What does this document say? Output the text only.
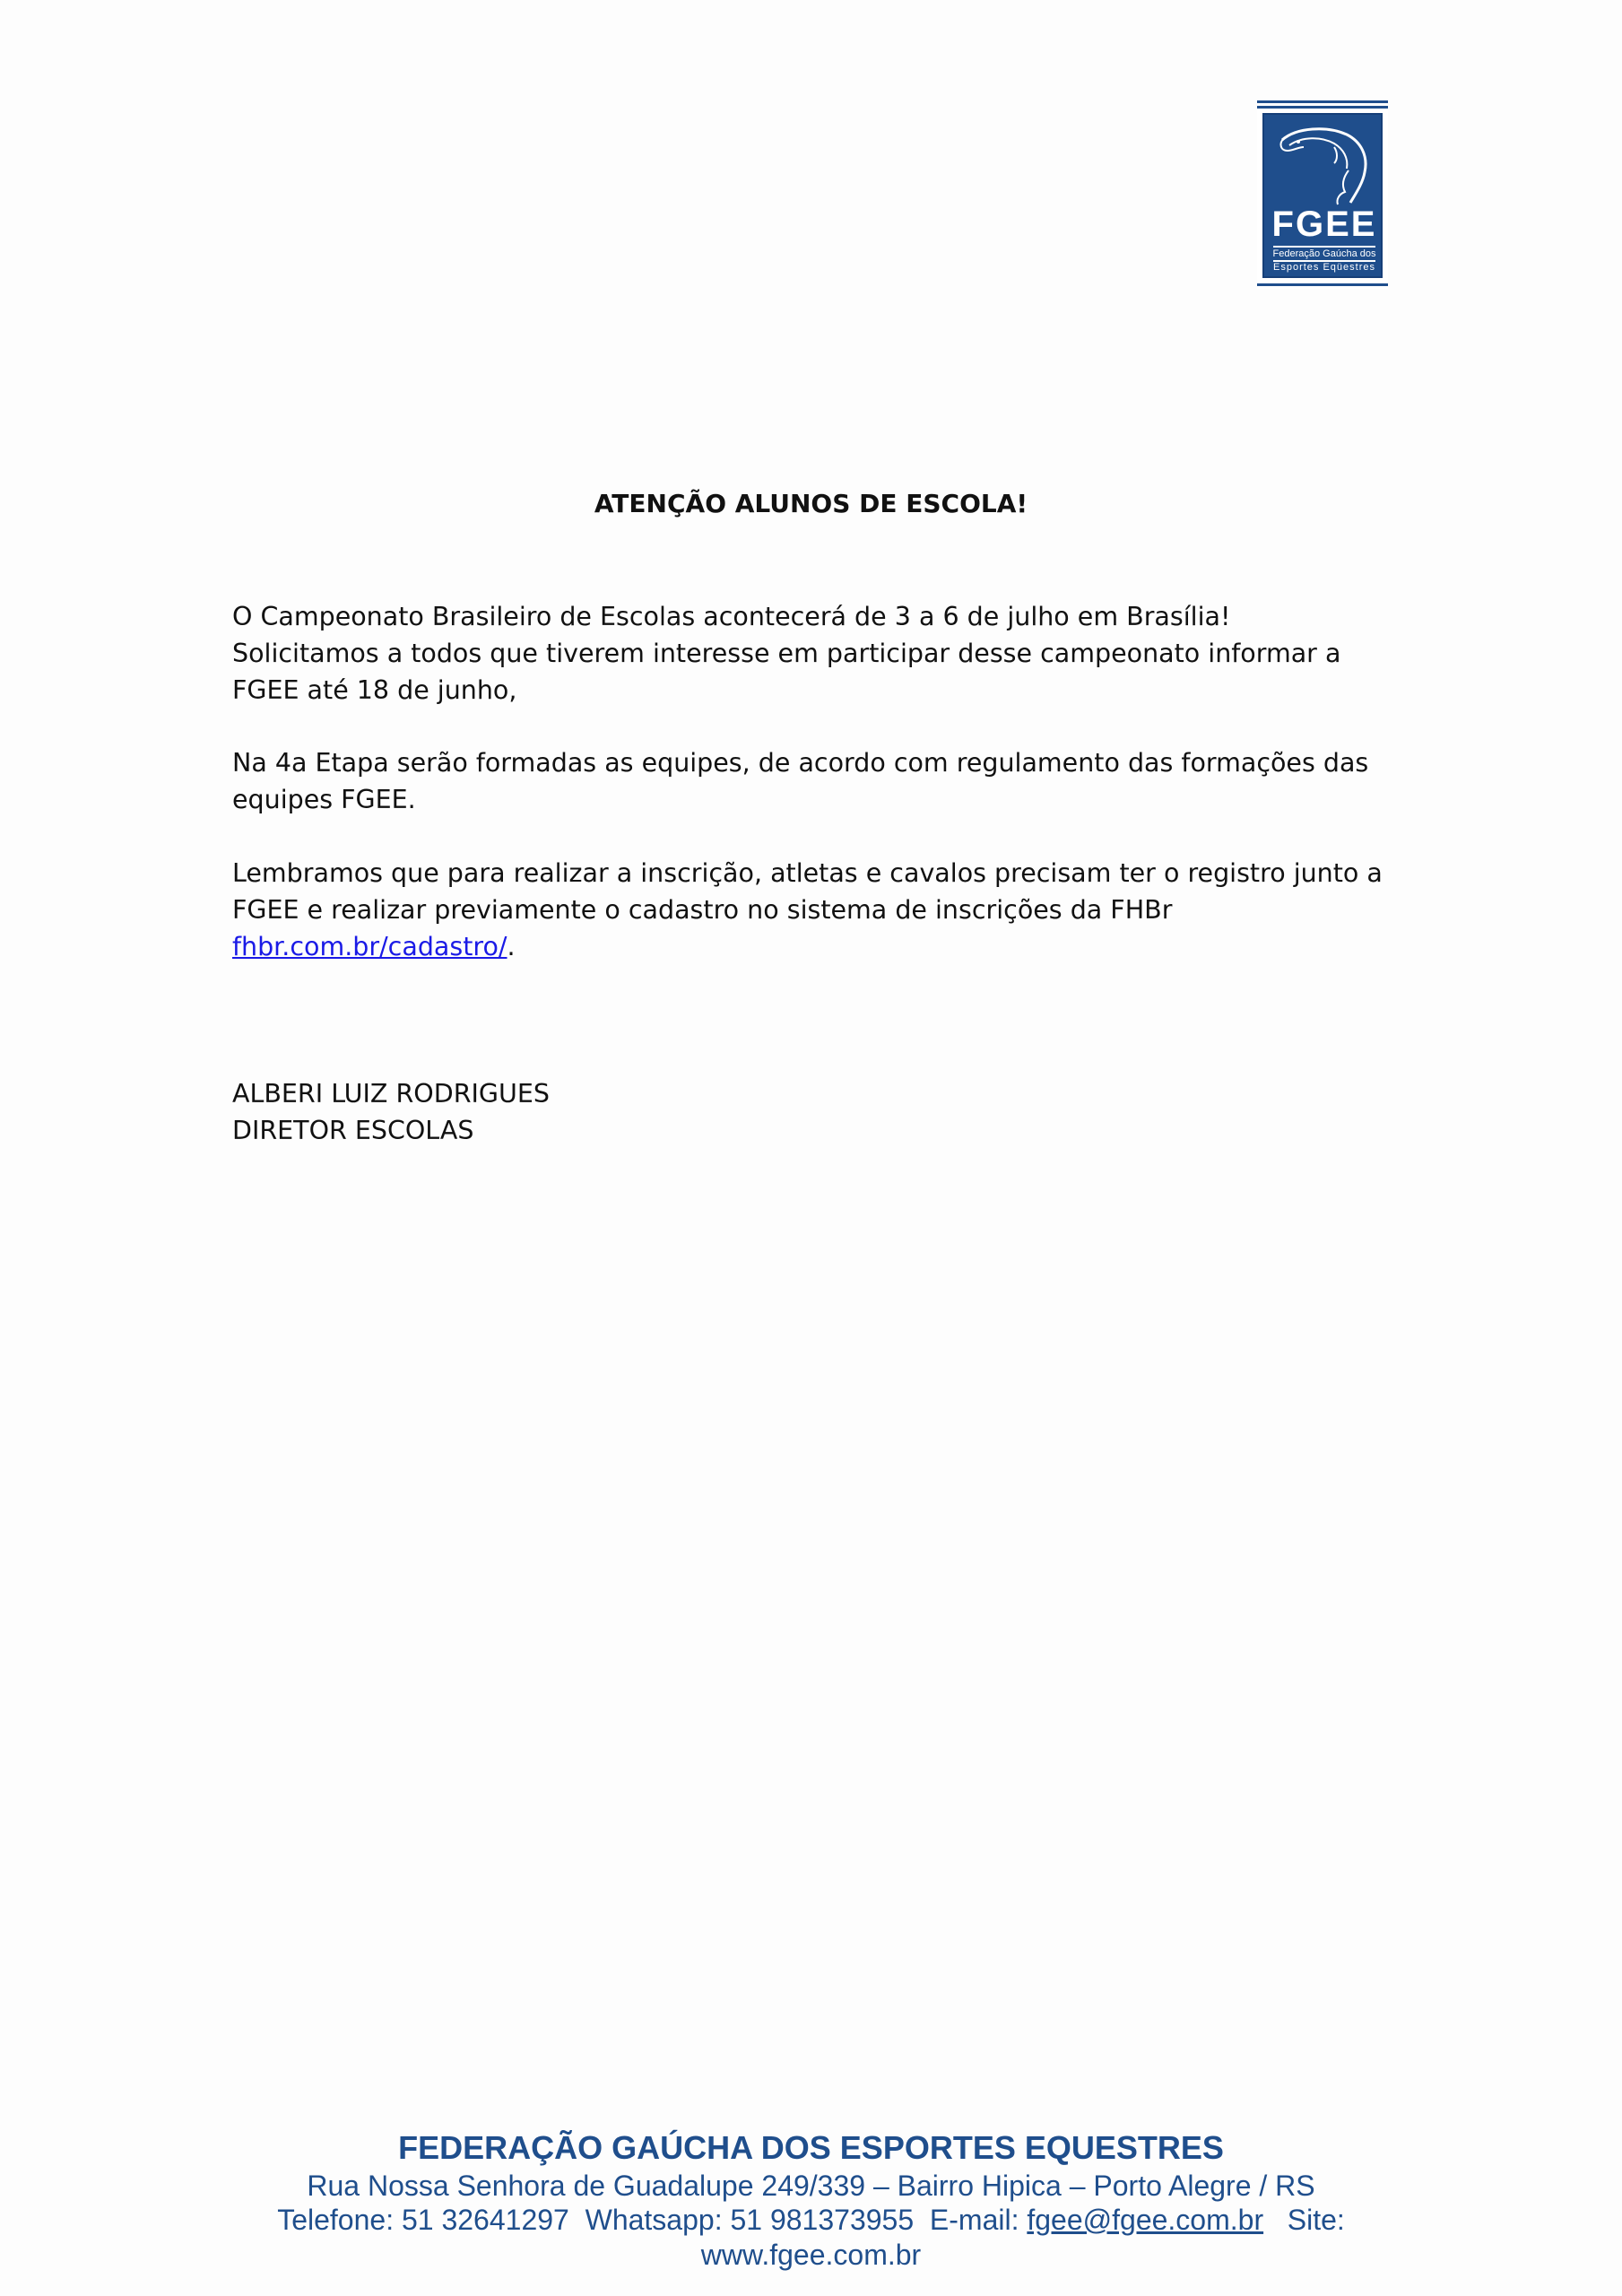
FGEE
Federação Gaúcha dos
Esportes Eqüestres
ATENÇÃO ALUNOS DE ESCOLA!
O Campeonato Brasileiro de Escolas acontecerá de 3 a 6 de julho em Brasília!
Solicitamos a todos que tiverem interesse em participar desse campeonato informar a
FGEE até 18 de junho,
Na 4a Etapa serão formadas as equipes, de acordo com regulamento das formações das
equipes FGEE.
Lembramos que para realizar a inscrição, atletas e cavalos precisam ter o registro junto a
FGEE e realizar previamente o cadastro no sistema de inscrições da FHBr
fhbr.com.br/cadastro/.
ALBERI LUIZ RODRIGUES
DIRETOR ESCOLAS
FEDERAÇÃO GAÚCHA DOS ESPORTES EQUESTRES
Rua Nossa Senhora de Guadalupe 249/339 – Bairro Hipica – Porto Alegre / RS
Telefone: 51 32641297  Whatsapp: 51 981373955  E-mail: fgee@fgee.com.br   Site:
www.fgee.com.br
